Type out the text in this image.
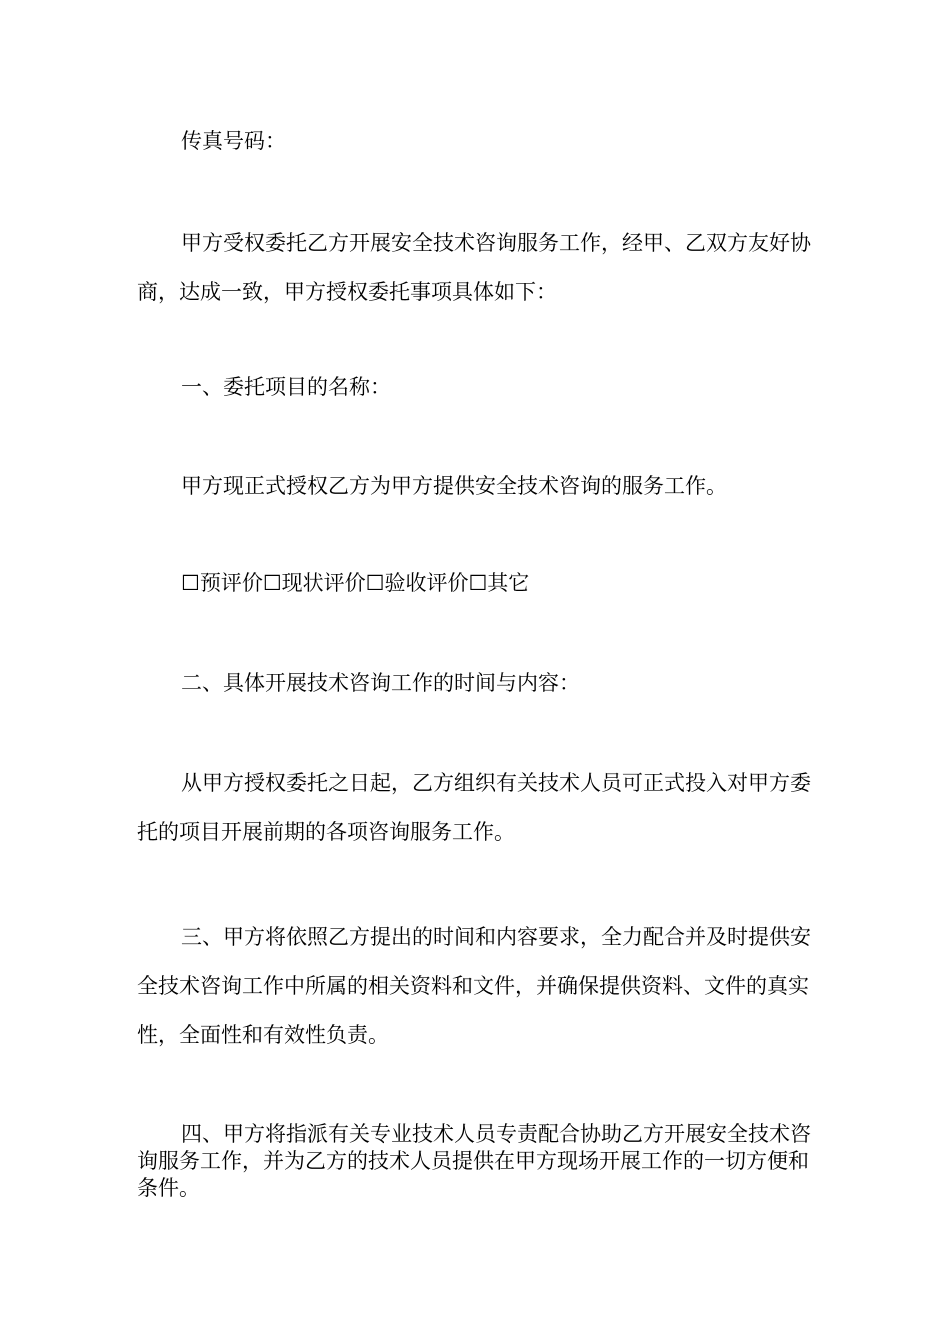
传真号码：

甲方受权委托乙方开展安全技术咨询服务工作，经甲、乙双方友好协商，达成一致，甲方授权委托事项具体如下：

一、委托项目的名称：

甲方现正式授权乙方为甲方提供安全技术咨询的服务工作。

☐预评价☐现状评价☐验收评价☐其它

二、具体开展技术咨询工作的时间与内容：

从甲方授权委托之日起，乙方组织有关技术人员可正式投入对甲方委托的项目开展前期的各项咨询服务工作。

三、甲方将依照乙方提出的时间和内容要求，全力配合并及时提供安全技术咨询工作中所属的相关资料和文件，并确保提供资料、文件的真实性，全面性和有效性负责。

四、甲方将指派有关专业技术人员专责配合协助乙方开展安全技术咨询服务工作，并为乙方的技术人员提供在甲方现场开展工作的一切方便和条件。
